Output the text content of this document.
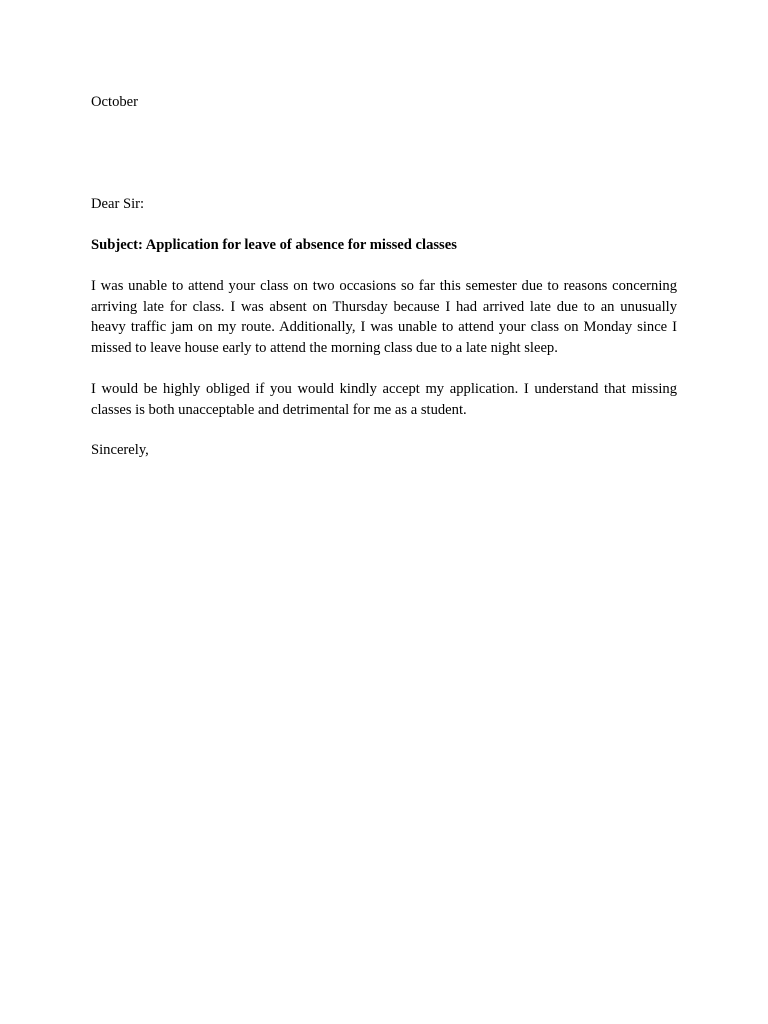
October

Dear Sir:

Subject: Application for leave of absence for missed classes

I was unable to attend your class on two occasions so far this semester due to reasons concerning arriving late for class. I was absent on Thursday because I had arrived late due to an unusually heavy traffic jam on my route. Additionally, I was unable to attend your class on Monday since I missed to leave house early to attend the morning class due to a late night sleep.

I would be highly obliged if you would kindly accept my application. I understand that missing classes is both unacceptable and detrimental for me as a student.

Sincerely,
